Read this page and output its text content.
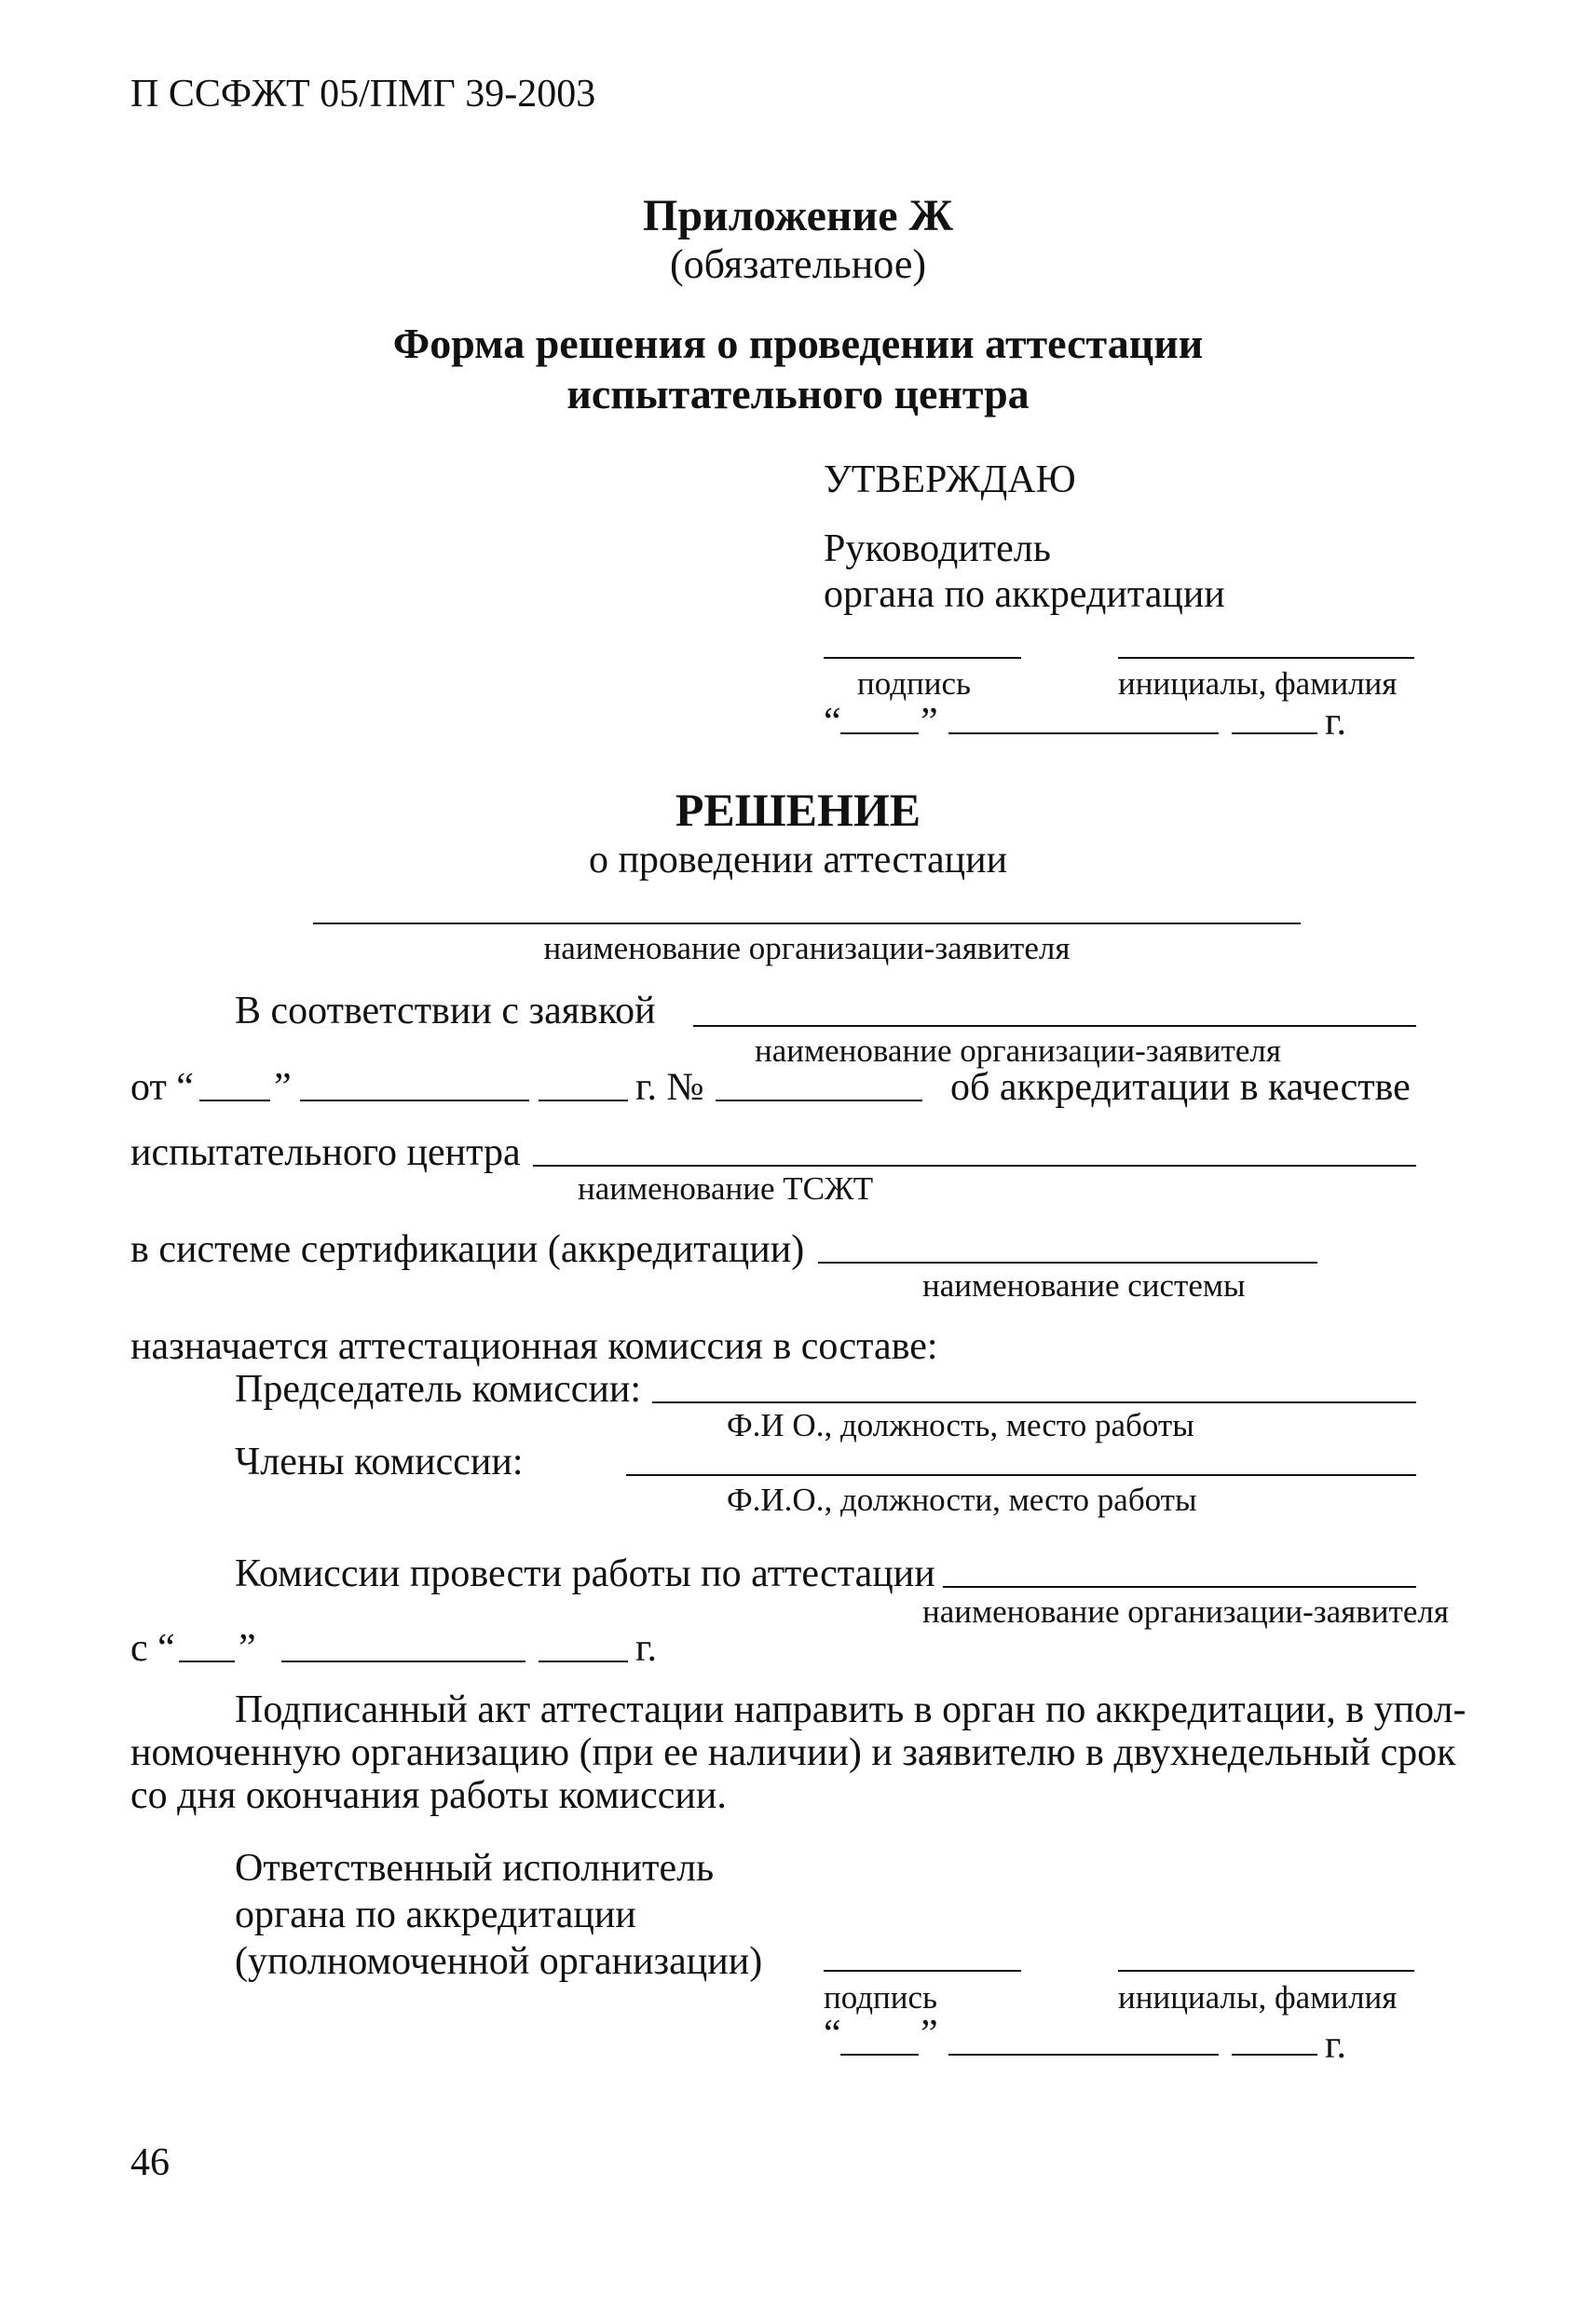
П ССФЖТ 05/ПМГ 39-2003
Приложение Ж
(обязательное)
Форма решения о проведении аттестации
испытательного центра
УТВЕРЖДАЮ
Руководитель
органа по аккредитации
подпись	инициалы, фамилия
“ ”	г.
РЕШЕНИЕ
о проведении аттестации
наименование организации-заявителя
В соответствии с заявкой
наименование организации-заявителя
от “ ”	г. №	об аккредитации в качестве
испытательного центра
наименование ТСЖТ
в системе сертификации (аккредитации)
наименование системы
назначается аттестационная комиссия в составе:
Председатель комиссии:
Ф.И О., должность, место работы
Члены комиссии:
Ф.И.О., должности, место работы
Комиссии провести работы по аттестации
наименование организации-заявителя
с “ ”	г.
Подписанный акт аттестации направить в орган по аккредитации, в упол-
номоченную организацию (при ее наличии) и заявителю в двухнедельный срок
со дня окончания работы комиссии.
Ответственный исполнитель
органа по аккредитации
(уполномоченной организации)
подпись	инициалы, фамилия
“ ”	г.
46
